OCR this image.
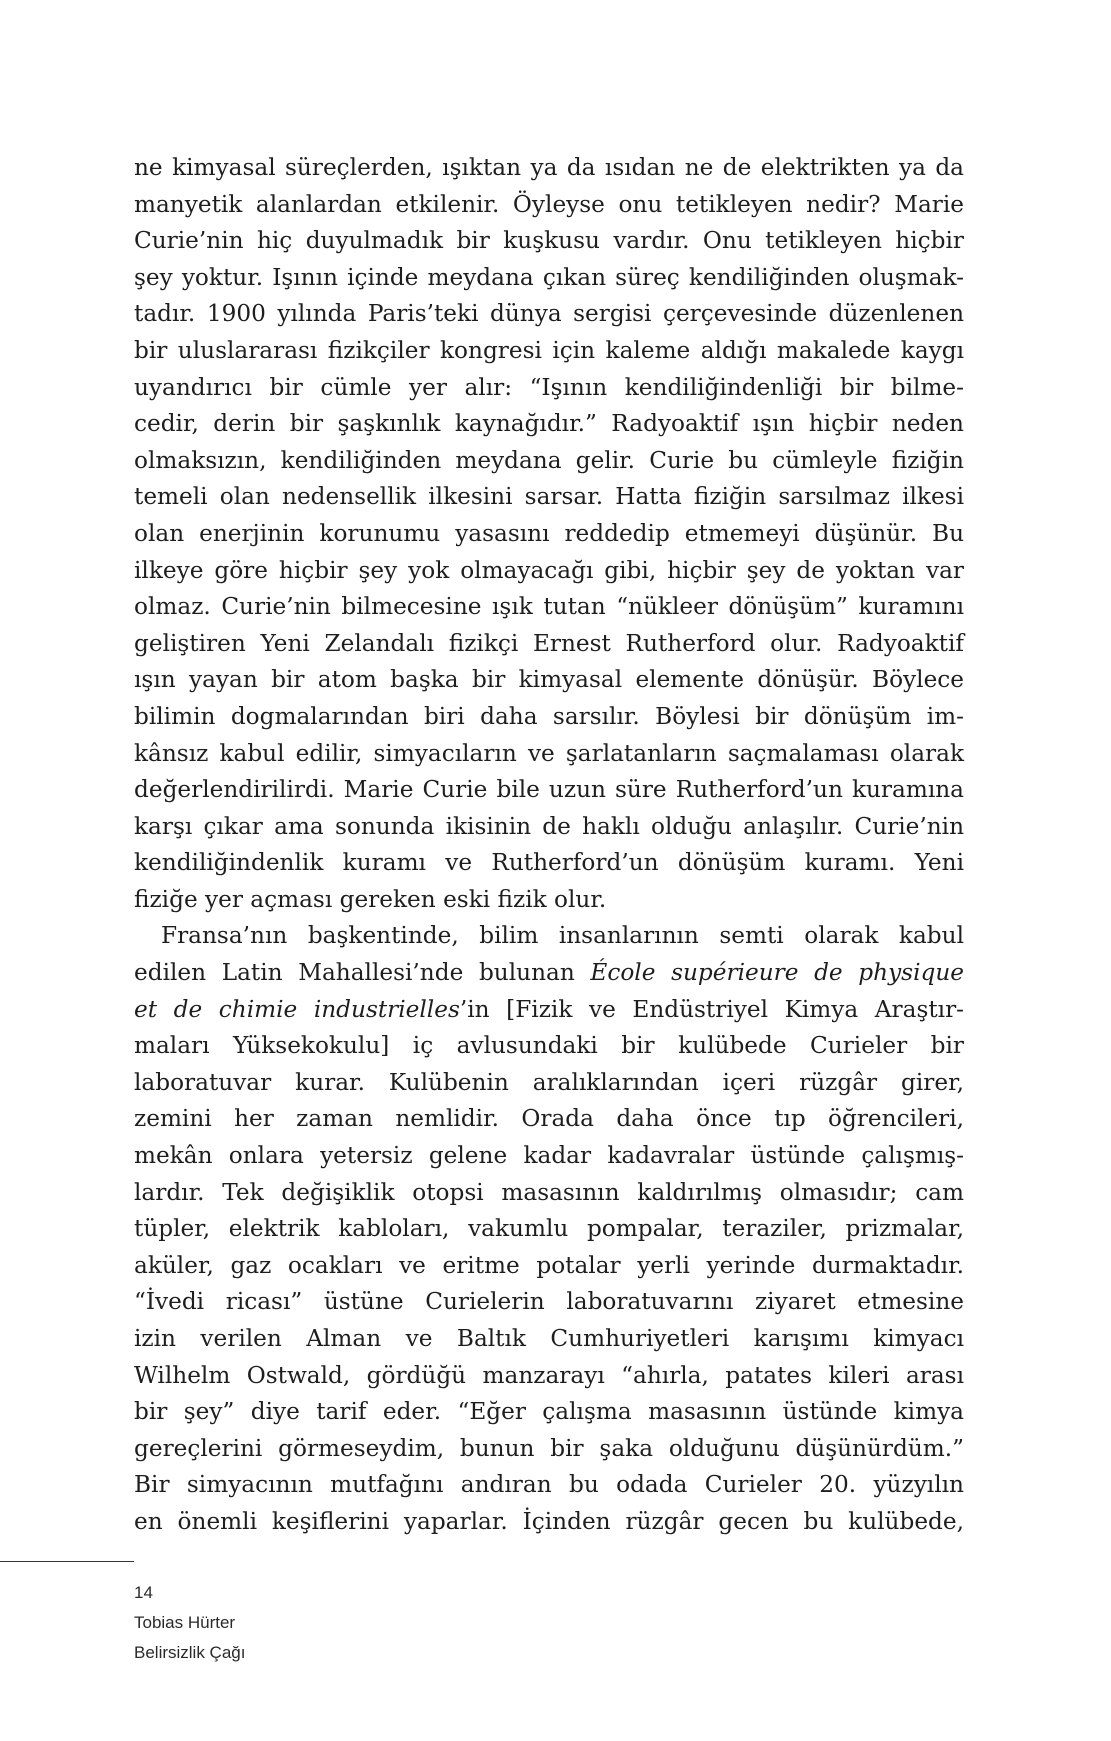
ne kimyasal süreçlerden, ışıktan ya da ısıdan ne de elektrikten ya da
manyetik alanlardan etkilenir. Öyleyse onu tetikleyen nedir? Marie
Curie’nin hiç duyulmadık bir kuşkusu vardır. Onu tetikleyen hiçbir
şey yoktur. Işının içinde meydana çıkan süreç kendiliğinden oluşmak-
tadır. 1900 yılında Paris’teki dünya sergisi çerçevesinde düzenlenen
bir uluslararası fizikçiler kongresi için kaleme aldığı makalede kaygı
uyandırıcı bir cümle yer alır: “Işının kendiliğindenliği bir bilme-
cedir, derin bir şaşkınlık kaynağıdır.” Radyoaktif ışın hiçbir neden
olmaksızın, kendiliğinden meydana gelir. Curie bu cümleyle fiziğin
temeli olan nedensellik ilkesini sarsar. Hatta fiziğin sarsılmaz ilkesi
olan enerjinin korunumu yasasını reddedip etmemeyi düşünür. Bu
ilkeye göre hiçbir şey yok olmayacağı gibi, hiçbir şey de yoktan var
olmaz. Curie’nin bilmecesine ışık tutan “nükleer dönüşüm” kuramını
geliştiren Yeni Zelandalı fizikçi Ernest Rutherford olur. Radyoaktif
ışın yayan bir atom başka bir kimyasal elemente dönüşür. Böylece
bilimin dogmalarından biri daha sarsılır. Böylesi bir dönüşüm im-
kânsız kabul edilir, simyacıların ve şarlatanların saçmalaması olarak
değerlendirilirdi. Marie Curie bile uzun süre Rutherford’un kuramına
karşı çıkar ama sonunda ikisinin de haklı olduğu anlaşılır. Curie’nin
kendiliğindenlik kuramı ve Rutherford’un dönüşüm kuramı. Yeni
fiziğe yer açması gereken eski fizik olur.
Fransa’nın başkentinde, bilim insanlarının semti olarak kabul
edilen Latin Mahallesi’nde bulunan École supérieure de physique
et de chimie industrielles’in [Fizik ve Endüstriyel Kimya Araştır-
maları Yüksekokulu] iç avlusundaki bir kulübede Curieler bir
laboratuvar kurar. Kulübenin aralıklarından içeri rüzgâr girer,
zemini her zaman nemlidir. Orada daha önce tıp öğrencileri,
mekân onlara yetersiz gelene kadar kadavralar üstünde çalışmış-
lardır. Tek değişiklik otopsi masasının kaldırılmış olmasıdır; cam
tüpler, elektrik kabloları, vakumlu pompalar, teraziler, prizmalar,
aküler, gaz ocakları ve eritme potalar yerli yerinde durmaktadır.
“İvedi ricası” üstüne Curielerin laboratuvarını ziyaret etmesine
izin verilen Alman ve Baltık Cumhuriyetleri karışımı kimyacı
Wilhelm Ostwald, gördüğü manzarayı “ahırla, patates kileri arası
bir şey” diye tarif eder. “Eğer çalışma masasının üstünde kimya
gereçlerini görmeseydim, bunun bir şaka olduğunu düşünürdüm.”
Bir simyacının mutfağını andıran bu odada Curieler 20. yüzyılın
en önemli keşiflerini yaparlar. İçinden rüzgâr gecen bu kulübede,
14
Tobias Hürter
Belirsizlik Çağı
